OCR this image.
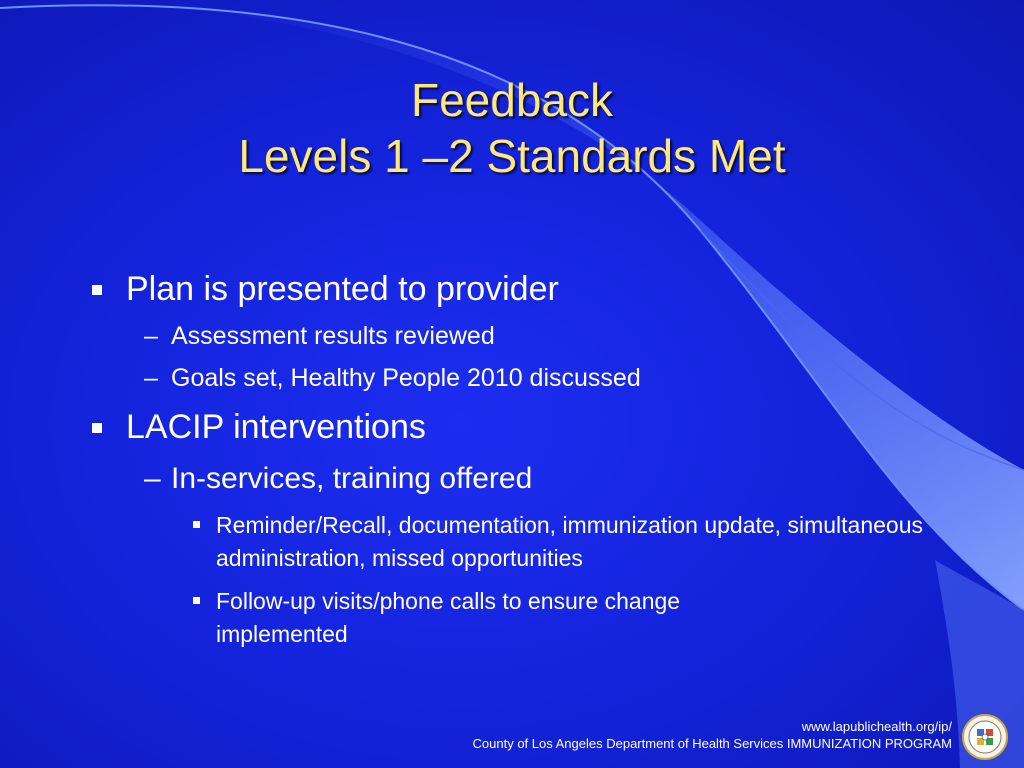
Feedback
Levels 1 –2 Standards Met
Plan is presented to provider
– Assessment results reviewed
– Goals set, Healthy People 2010 discussed
LACIP interventions
– In-services, training offered
Reminder/Recall, documentation, immunization update, simultaneous administration, missed opportunities
Follow-up visits/phone calls to ensure change implemented
www.lapublichealth.org/ip/
County of Los Angeles Department of Health Services IMMUNIZATION PROGRAM
